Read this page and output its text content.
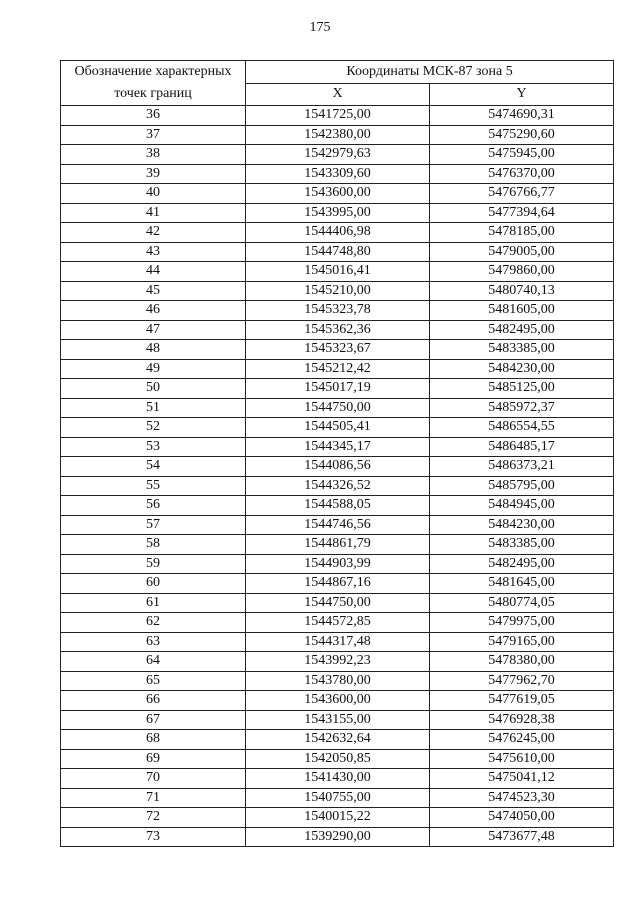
175
Обозначение характерных точек границ	Координаты МСК-87 зона 5	
	X	Y
36	1541725,00	5474690,31
37	1542380,00	5475290,60
38	1542979,63	5475945,00
39	1543309,60	5476370,00
40	1543600,00	5476766,77
41	1543995,00	5477394,64
42	1544406,98	5478185,00
43	1544748,80	5479005,00
44	1545016,41	5479860,00
45	1545210,00	5480740,13
46	1545323,78	5481605,00
47	1545362,36	5482495,00
48	1545323,67	5483385,00
49	1545212,42	5484230,00
50	1545017,19	5485125,00
51	1544750,00	5485972,37
52	1544505,41	5486554,55
53	1544345,17	5486485,17
54	1544086,56	5486373,21
55	1544326,52	5485795,00
56	1544588,05	5484945,00
57	1544746,56	5484230,00
58	1544861,79	5483385,00
59	1544903,99	5482495,00
60	1544867,16	5481645,00
61	1544750,00	5480774,05
62	1544572,85	5479975,00
63	1544317,48	5479165,00
64	1543992,23	5478380,00
65	1543780,00	5477962,70
66	1543600,00	5477619,05
67	1543155,00	5476928,38
68	1542632,64	5476245,00
69	1542050,85	5475610,00
70	1541430,00	5475041,12
71	1540755,00	5474523,30
72	1540015,22	5474050,00
73	1539290,00	5473677,48
